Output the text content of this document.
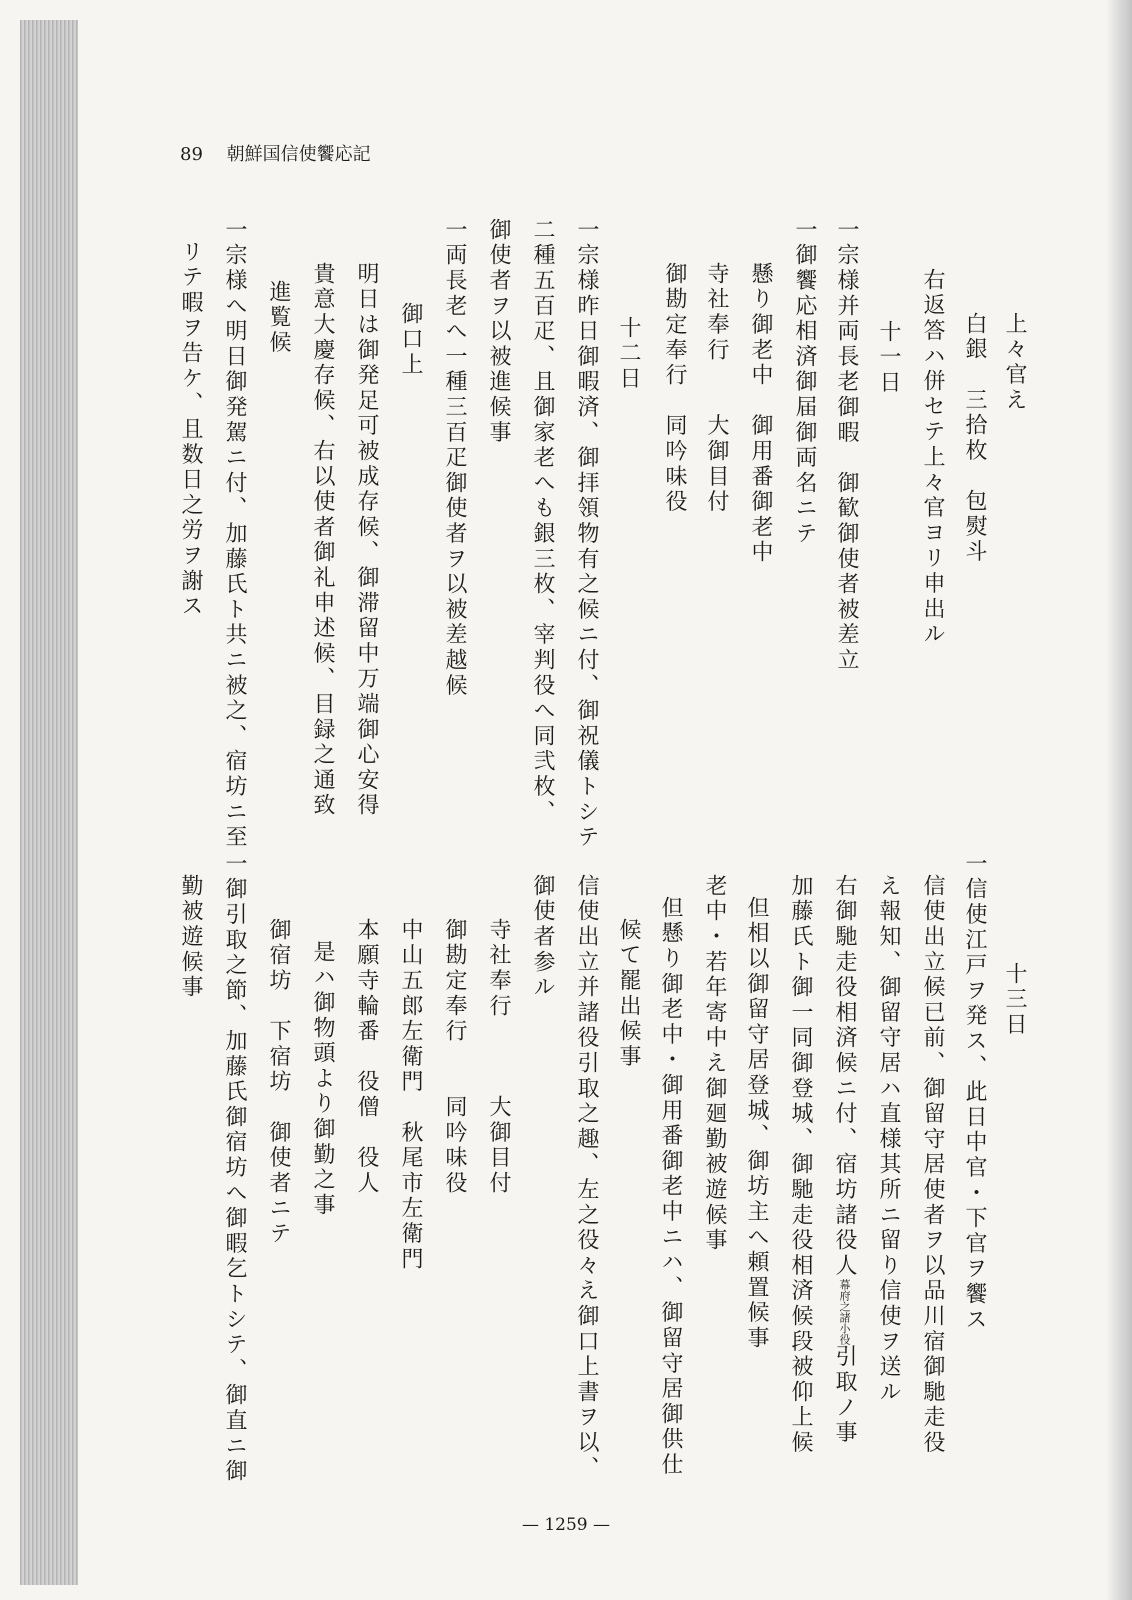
89 朝鮮国信使饗応記
上々官え
白銀　三拾枚　包熨斗
右返答ハ併セテ上々官ヨリ申出ル
十一日
一宗様并両長老御暇　御歓御使者被差立
一御饗応相済御届御両名ニテ
懸り御老中　御用番御老中
寺社奉行　　大御目付
御勘定奉行　同吟味役
十二日
一宗様昨日御暇済、御拝領物有之候ニ付、御祝儀トシテ
二種五百疋、且御家老へも銀三枚、宰判役へ同弐枚、
御使者ヲ以被進候事
一両長老へ一種三百疋御使者ヲ以被差越候
御口上
明日は御発足可被成存候、御滞留中万端御心安得
貴意大慶存候、右以使者御礼申述候、目録之通致
進覧候
一宗様へ明日御発駕ニ付、加藤氏ト共ニ被之、宿坊ニ至
リテ暇ヲ告ケ、且数日之労ヲ謝ス
十三日
一信使江戸ヲ発ス、此日中官・下官ヲ饗ス
信使出立候已前、御留守居使者ヲ以品川宿御馳走役
え報知、御留守居ハ直様其所ニ留り信使ヲ送ル
右御馳走役相済候ニ付、宿坊諸役人幕府之諸小役引取ノ事
加藤氏ト御一同御登城、御馳走役相済候段被仰上候
但相以御留守居登城、御坊主へ頼置候事
老中・若年寄中え御廻勤被遊候事
但懸り御老中・御用番御老中ニハ、御留守居御供仕
候て罷出候事
信使出立并諸役引取之趣、左之役々え御口上書ヲ以、
御使者参ル
寺社奉行　　　大御目付
御勘定奉行　　同吟味役
中山五郎左衛門　秋尾市左衛門
本願寺輪番　役僧　役人
是ハ御物頭より御勤之事
御宿坊　下宿坊　御使者ニテ
一御引取之節、加藤氏御宿坊へ御暇乞トシテ、御直ニ御
勤被遊候事
— 1259 —
